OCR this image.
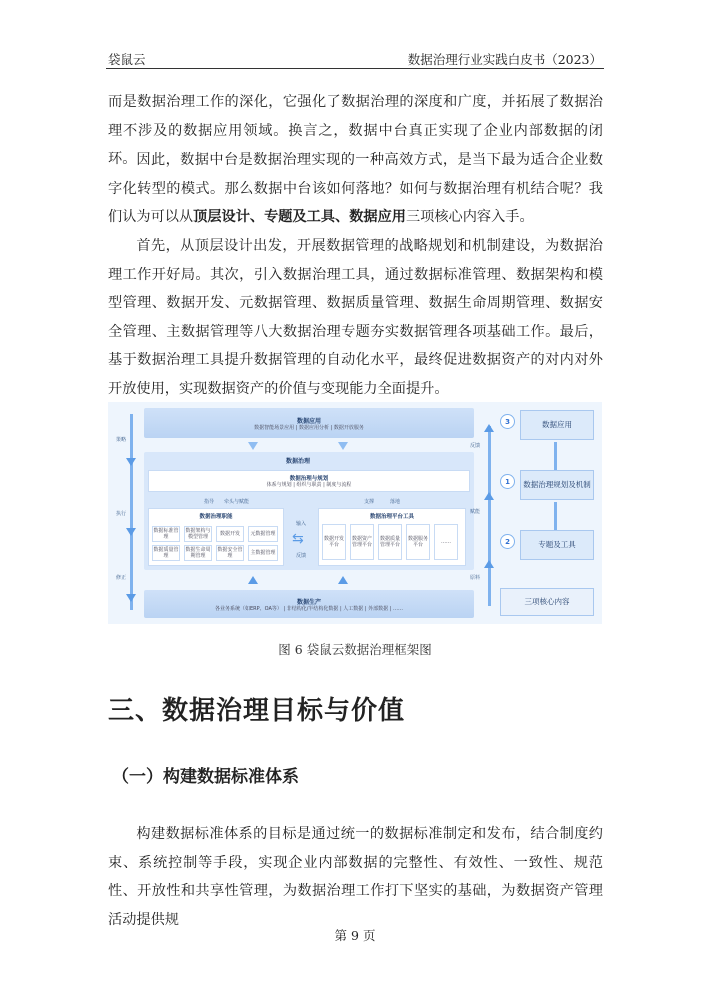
袋鼠云	数据治理行业实践白皮书（2023）

而是数据治理工作的深化，它强化了数据治理的深度和广度，并拓展了数据治理不涉及的数据应用领域。换言之，数据中台真正实现了企业内部数据的闭环。 因此，数据中台是数据治理实现的一种高效方式，是当下最为适合企业数字化转型的模式。那么数据中台该如何落地？如何与数据治理有机结合呢？我们认为可以从顶层设计、专题及工具、数据应用三项核心内容入手。

首先，从顶层设计出发，开展数据管理的战略规划和机制建设，为数据治理工作开好局。其次，引入数据治理工具，通过数据标准管理、数据架构和模型管理、数据开发、元数据管理、数据质量管理、数据生命周期管理、数据安全管理、主数据管理等八大数据治理专题夯实数据管理各项基础工作。最后，基于数据治理工具提升数据管理的自动化水平，最终促进数据资产的对内对外开放使用，实现数据资产的价值与变现能力全面提升。

数据应用
数据智能场景应用 | 数据应用分析 | 数据开放服务
数据治理
数据治理与规划
体系与规划 | 组织与职责 | 制度与流程
指导 牵头与赋能	支撑	落地
数据治理职能
数据标准管理
数据架构与模型管理	数据开发 元数据管理
数据质量管理
数据生命周期管理
数据安全管理	主数据管理
输入
反馈
⇆
数据治理平台工具
数据开发平台
数据资产管理平台
数据质量管理平台
数据服务平台	……
数据生产
各业务系统（如ERP、OA等） | 非结构化/半结构化数据 | 人工数据 | 外部数据 | ……
策略
执行
修正
反馈
赋能
原料
3	数据应用
1	数据治理规划及机制
2	专题及工具
三项核心内容
图 6 袋鼠云数据治理框架图
三、数据治理目标与价值
（一）构建数据标准体系

构建数据标准体系的目标是通过统一的数据标准制定和发布，结合制度约束、系统控制等手段，实现企业内部数据的完整性、有效性、一致性、规范性、开放性和共享性管理，为数据治理工作打下坚实的基础，为数据资产管理活动提供规

第 9 页
